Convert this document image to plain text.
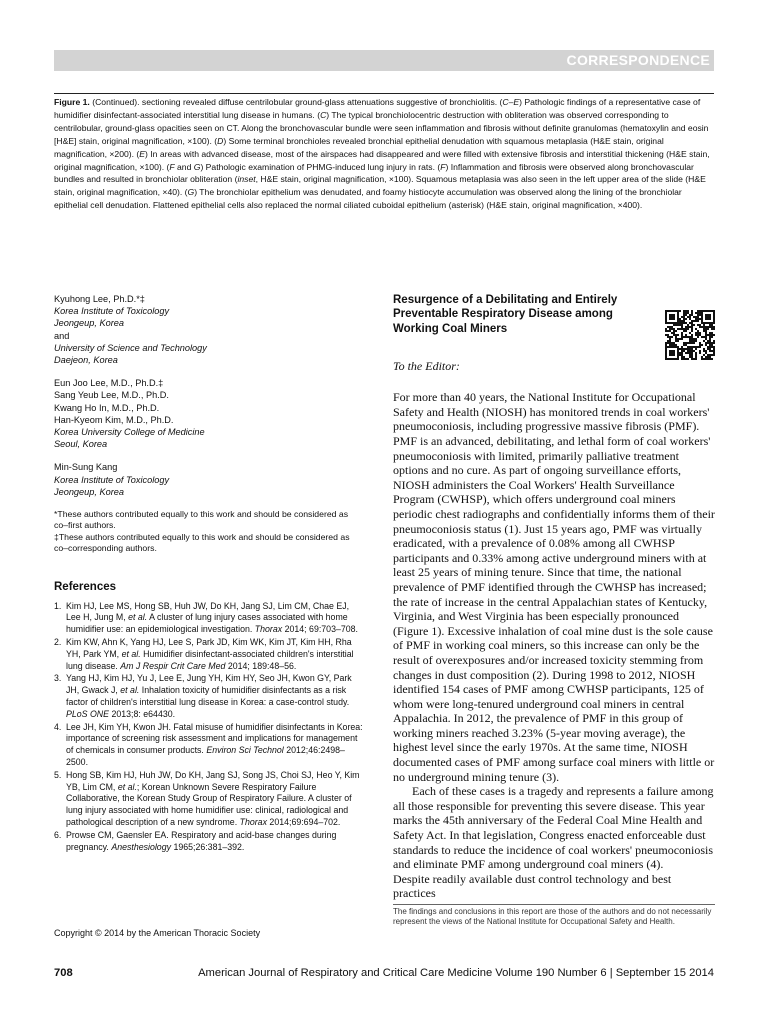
CORRESPONDENCE
Figure 1. (Continued). sectioning revealed diffuse centrilobular ground-glass attenuations suggestive of bronchiolitis. (C–E) Pathologic findings of a representative case of humidifier disinfectant-associated interstitial lung disease in humans. (C) The typical bronchiolocentric destruction with obliteration was observed corresponding to centrilobular, ground-glass opacities seen on CT. Along the bronchovascular bundle were seen inflammation and fibrosis without definite granulomas (hematoxylin and eosin [H&E] stain, original magnification, ×100). (D) Some terminal bronchioles revealed bronchial epithelial denudation with squamous metaplasia (H&E stain, original magnification, ×200). (E) In areas with advanced disease, most of the airspaces had disappeared and were filled with extensive fibrosis and interstitial thickening (H&E stain, original magnification, ×100). (F and G) Pathologic examination of PHMG-induced lung injury in rats. (F) Inflammation and fibrosis were observed along bronchovascular bundles and resulted in bronchiolar obliteration (inset, H&E stain, original magnification, ×100). Squamous metaplasia was also seen in the left upper area of the slide (H&E stain, original magnification, ×40). (G) The bronchiolar epithelium was denudated, and foamy histiocyte accumulation was observed along the lining of the bronchiolar epithelial cell denudation. Flattened epithelial cells also replaced the normal ciliated cuboidal epithelium (asterisk) (H&E stain, original magnification, ×400).
Kyuhong Lee, Ph.D.*‡
Korea Institute of Toxicology
Jeongeup, Korea
and
University of Science and Technology
Daejeon, Korea
Eun Joo Lee, M.D., Ph.D.‡
Sang Yeub Lee, M.D., Ph.D.
Kwang Ho In, M.D., Ph.D.
Han-Kyeom Kim, M.D., Ph.D.
Korea University College of Medicine
Seoul, Korea
Min-Sung Kang
Korea Institute of Toxicology
Jeongeup, Korea
*These authors contributed equally to this work and should be considered as co–first authors.
‡These authors contributed equally to this work and should be considered as co–corresponding authors.
References
1. Kim HJ, Lee MS, Hong SB, Huh JW, Do KH, Jang SJ, Lim CM, Chae EJ, Lee H, Jung M, et al. A cluster of lung injury cases associated with home humidifier use: an epidemiological investigation. Thorax 2014; 69:703–708.
2. Kim KW, Ahn K, Yang HJ, Lee S, Park JD, Kim WK, Kim JT, Kim HH, Rha YH, Park YM, et al. Humidifier disinfectant-associated children's interstitial lung disease. Am J Respir Crit Care Med 2014; 189:48–56.
3. Yang HJ, Kim HJ, Yu J, Lee E, Jung YH, Kim HY, Seo JH, Kwon GY, Park JH, Gwack J, et al. Inhalation toxicity of humidifier disinfectants as a risk factor of children's interstitial lung disease in Korea: a case-control study. PLoS ONE 2013;8: e64430.
4. Lee JH, Kim YH, Kwon JH. Fatal misuse of humidifier disinfectants in Korea: importance of screening risk assessment and implications for management of chemicals in consumer products. Environ Sci Technol 2012;46:2498–2500.
5. Hong SB, Kim HJ, Huh JW, Do KH, Jang SJ, Song JS, Choi SJ, Heo Y, Kim YB, Lim CM, et al.; Korean Unknown Severe Respiratory Failure Collaborative, the Korean Study Group of Respiratory Failure. A cluster of lung injury associated with home humidifier use: clinical, radiological and pathological description of a new syndrome. Thorax 2014;69:694–702.
6. Prowse CM, Gaensler EA. Respiratory and acid-base changes during pregnancy. Anesthesiology 1965;26:381–392.
Copyright © 2014 by the American Thoracic Society
Resurgence of a Debilitating and Entirely Preventable Respiratory Disease among Working Coal Miners
To the Editor:

For more than 40 years, the National Institute for Occupational Safety and Health (NIOSH) has monitored trends in coal workers' pneumoconiosis, including progressive massive fibrosis (PMF). PMF is an advanced, debilitating, and lethal form of coal workers' pneumoconiosis with limited, primarily palliative treatment options and no cure. As part of ongoing surveillance efforts, NIOSH administers the Coal Workers' Health Surveillance Program (CWHSP), which offers underground coal miners periodic chest radiographs and confidentially informs them of their pneumoconiosis status (1). Just 15 years ago, PMF was virtually eradicated, with a prevalence of 0.08% among all CWHSP participants and 0.33% among active underground miners with at least 25 years of mining tenure. Since that time, the national prevalence of PMF identified through the CWHSP has increased; the rate of increase in the central Appalachian states of Kentucky, Virginia, and West Virginia has been especially pronounced (Figure 1). Excessive inhalation of coal mine dust is the sole cause of PMF in working coal miners, so this increase can only be the result of overexposures and/or increased toxicity stemming from changes in dust composition (2). During 1998 to 2012, NIOSH identified 154 cases of PMF among CWHSP participants, 125 of whom were long-tenured underground coal miners in central Appalachia. In 2012, the prevalence of PMF in this group of working miners reached 3.23% (5-year moving average), the highest level since the early 1970s. At the same time, NIOSH documented cases of PMF among surface coal miners with little or no underground mining tenure (3).

Each of these cases is a tragedy and represents a failure among all those responsible for preventing this severe disease. This year marks the 45th anniversary of the Federal Coal Mine Health and Safety Act. In that legislation, Congress enacted enforceable dust standards to reduce the incidence of coal workers' pneumoconiosis and eliminate PMF among underground coal miners (4).

Despite readily available dust control technology and best practices

The findings and conclusions in this report are those of the authors and do not necessarily represent the views of the National Institute for Occupational Safety and Health.
708	American Journal of Respiratory and Critical Care Medicine Volume 190 Number 6 | September 15 2014
